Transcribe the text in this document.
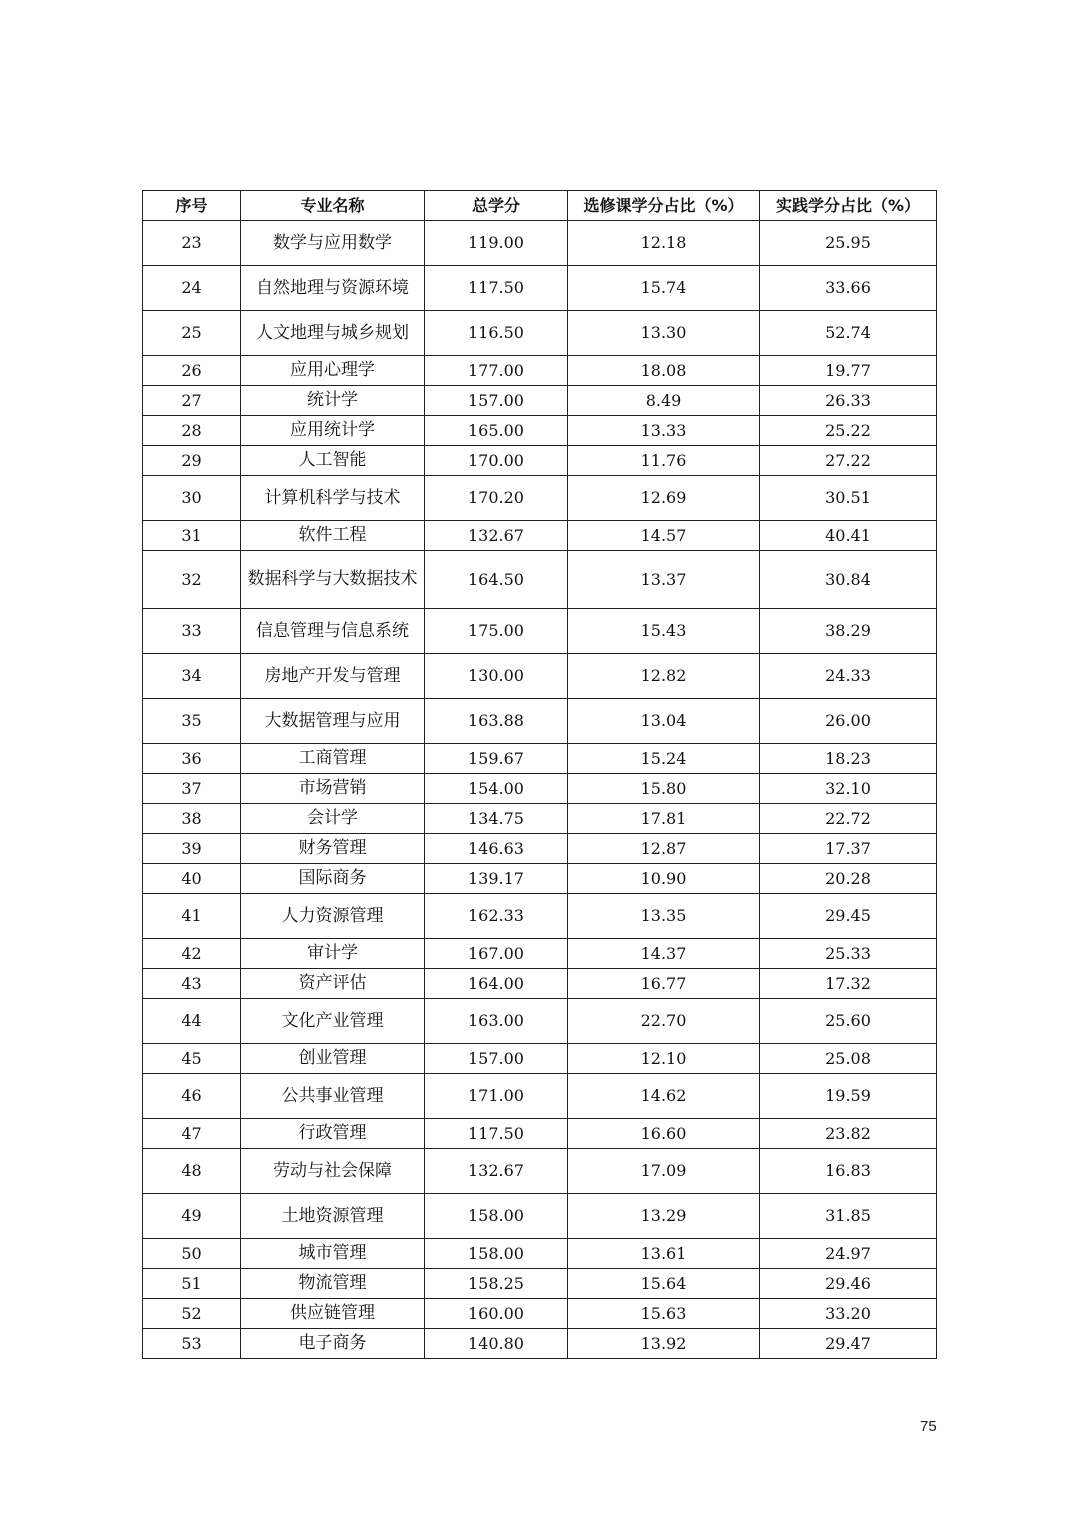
序号	专业名称	总学分	选修课学分占比（%）	实践学分占比（%）
23	数学与应用数学	119.00	12.18	25.95
24	自然地理与资源环境	117.50	15.74	33.66
25	人文地理与城乡规划	116.50	13.30	52.74
26	应用心理学	177.00	18.08	19.77
27	统计学	157.00	8.49	26.33
28	应用统计学	165.00	13.33	25.22
29	人工智能	170.00	11.76	27.22
30	计算机科学与技术	170.20	12.69	30.51
31	软件工程	132.67	14.57	40.41
32	数据科学与大数据技术	164.50	13.37	30.84
33	信息管理与信息系统	175.00	15.43	38.29
34	房地产开发与管理	130.00	12.82	24.33
35	大数据管理与应用	163.88	13.04	26.00
36	工商管理	159.67	15.24	18.23
37	市场营销	154.00	15.80	32.10
38	会计学	134.75	17.81	22.72
39	财务管理	146.63	12.87	17.37
40	国际商务	139.17	10.90	20.28
41	人力资源管理	162.33	13.35	29.45
42	审计学	167.00	14.37	25.33
43	资产评估	164.00	16.77	17.32
44	文化产业管理	163.00	22.70	25.60
45	创业管理	157.00	12.10	25.08
46	公共事业管理	171.00	14.62	19.59
47	行政管理	117.50	16.60	23.82
48	劳动与社会保障	132.67	17.09	16.83
49	土地资源管理	158.00	13.29	31.85
50	城市管理	158.00	13.61	24.97
51	物流管理	158.25	15.64	29.46
52	供应链管理	160.00	15.63	33.20
53	电子商务	140.80	13.92	29.47
75
